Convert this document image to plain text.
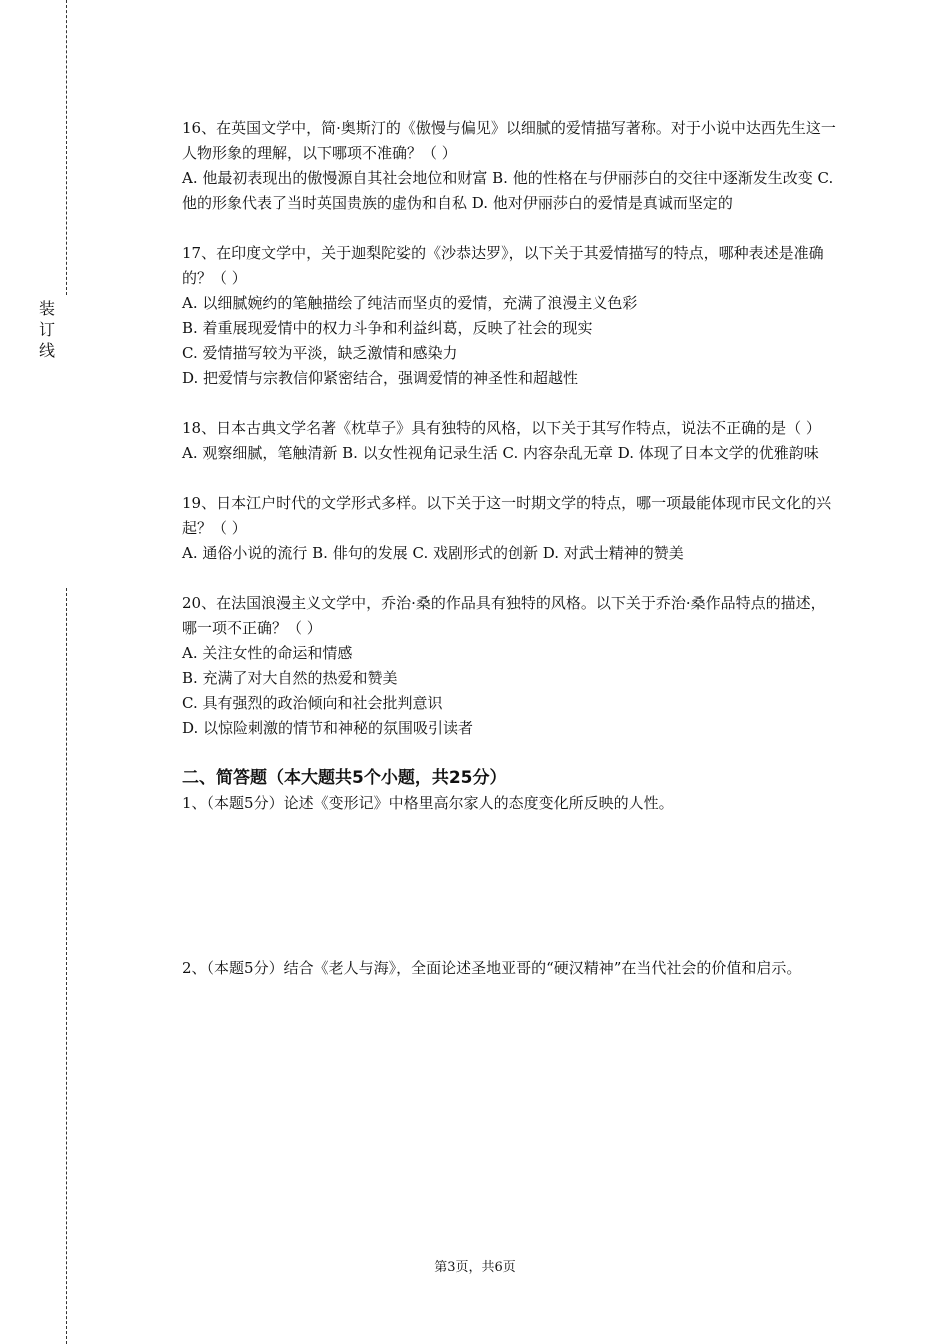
装
订
线

16、在英国文学中，简·奥斯汀的《傲慢与偏见》以细腻的爱情描写著称。对于小说中达西先生这一人物形象的理解，以下哪项不准确？（ ）

A. 他最初表现出的傲慢源自其社会地位和财富 B. 他的性格在与伊丽莎白的交往中逐渐发生改变 C. 他的形象代表了当时英国贵族的虚伪和自私 D. 他对伊丽莎白的爱情是真诚而坚定的

17、在印度文学中，关于迦梨陀娑的《沙恭达罗》，以下关于其爱情描写的特点，哪种表述是准确的？（ ）

A. 以细腻婉约的笔触描绘了纯洁而坚贞的爱情，充满了浪漫主义色彩
B. 着重展现爱情中的权力斗争和利益纠葛，反映了社会的现实
C. 爱情描写较为平淡，缺乏激情和感染力
D. 把爱情与宗教信仰紧密结合，强调爱情的神圣性和超越性

18、日本古典文学名著《枕草子》具有独特的风格，以下关于其写作特点，说法不正确的是（ ）

A. 观察细腻，笔触清新 B. 以女性视角记录生活 C. 内容杂乱无章 D. 体现了日本文学的优雅韵味

19、日本江户时代的文学形式多样。以下关于这一时期文学的特点，哪一项最能体现市民文化的兴起？（ ）

A. 通俗小说的流行 B. 俳句的发展 C. 戏剧形式的创新 D. 对武士精神的赞美

20、在法国浪漫主义文学中，乔治·桑的作品具有独特的风格。以下关于乔治·桑作品特点的描述，哪一项不正确？（ ）

A. 关注女性的命运和情感
B. 充满了对大自然的热爱和赞美
C. 具有强烈的政治倾向和社会批判意识
D. 以惊险刺激的情节和神秘的氛围吸引读者

二、简答题（本大题共5个小题，共25分）

1、（本题5分）论述《变形记》中格里高尔家人的态度变化所反映的人性。

2、（本题5分）结合《老人与海》，全面论述圣地亚哥的“硬汉精神”在当代社会的价值和启示。

第3页，共6页
